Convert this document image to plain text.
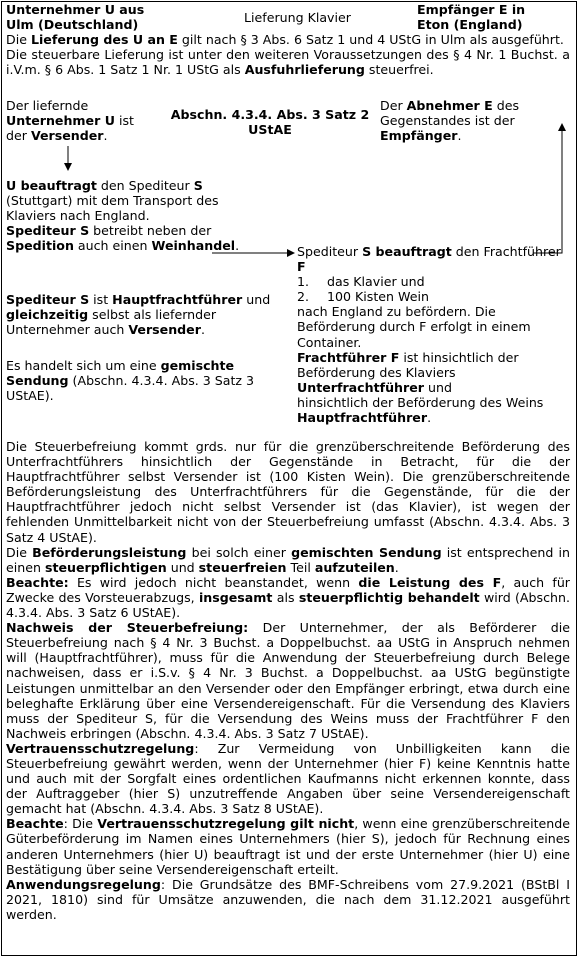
Unternehmer U aus Ulm (Deutschland)	Lieferung Klavier
Empfänger E in Eton (England)

Die Lieferung des U an E gilt nach § 3 Abs. 6 Satz 1 und 4 UStG in Ulm als ausgeführt.

Die steuerbare Lieferung ist unter den weiteren Voraussetzungen des § 4 Nr. 1 Buchst. a i.V.m. § 6 Abs. 1 Satz 1 Nr. 1 UStG als Ausfuhrlieferung steuerfrei.

Der liefernde Unternehmer U ist der Versender.
Abschn. 4.3.4. Abs. 3 Satz 2 UStAE
Der Abnehmer E des Gegenstandes ist der Empfänger.

U beauftragt den Spediteur S (Stuttgart) mit dem Transport des Klaviers nach England.

Spediteur S betreibt neben der Spedition auch einen Weinhandel.

Spediteur S ist Hauptfrachtführer und gleichzeitig selbst als liefernder Unternehmer auch Versender.
Es handelt sich um eine gemischte Sendung (Abschn. 4.3.4. Abs. 3 Satz 3 UStAE).

Spediteur S beauftragt den Frachtführer F

1. das Klavier und
2. 100 Kisten Wein

nach England zu befördern. Die Beförderung durch F erfolgt in einem Container.

Frachtführer F ist hinsichtlich der Beförderung des Klaviers Unterfrachtführer und

hinsichtlich der Beförderung des Weins Hauptfrachtführer.

Die Steuerbefreiung kommt grds. nur für die grenzüberschreitende Beförderung des Unterfrachtführers hinsichtlich der Gegenstände in Betracht, für die der Hauptfrachtführer selbst Versender ist (100 Kisten Wein). Die grenzüberschreitende Beförderungsleistung des Unterfrachtführers für die Gegenstände, für die der Hauptfrachtführer jedoch nicht selbst Versender ist (das Klavier), ist wegen der fehlenden Unmittelbarkeit nicht von der Steuerbefreiung umfasst (Abschn. 4.3.4. Abs. 3 Satz 4 UStAE).

Die Beförderungsleistung bei solch einer gemischten Sendung ist entsprechend in einen steuerpflichtigen und steuerfreien Teil aufzuteilen.

Beachte: Es wird jedoch nicht beanstandet, wenn die Leistung des F, auch für Zwecke des Vorsteuerabzugs, insgesamt als steuerpflichtig behandelt wird (Abschn. 4.3.4. Abs. 3 Satz 6 UStAE).

Nachweis der Steuerbefreiung: Der Unternehmer, der als Beförderer die Steuerbefreiung nach § 4 Nr. 3 Buchst. a Doppelbuchst. aa UStG in Anspruch nehmen will (Hauptfrachtführer), muss für die Anwendung der Steuerbefreiung durch Belege nachweisen, dass er i.S.v. § 4 Nr. 3 Buchst. a Doppelbuchst. aa UStG begünstigte Leistungen unmittelbar an den Versender oder den Empfänger erbringt, etwa durch eine beleghafte Erklärung über eine Versendereigenschaft. Für die Versendung des Klaviers muss der Spediteur S, für die Versendung des Weins muss der Frachtführer F den Nachweis erbringen (Abschn. 4.3.4. Abs. 3 Satz 7 UStAE).

Vertrauensschutzregelung: Zur Vermeidung von Unbilligkeiten kann die Steuerbefreiung gewährt werden, wenn der Unternehmer (hier F) keine Kenntnis hatte und auch mit der Sorgfalt eines ordentlichen Kaufmanns nicht erkennen konnte, dass der Auftraggeber (hier S) unzutreffende Angaben über seine Versendereigenschaft gemacht hat (Abschn. 4.3.4. Abs. 3 Satz 8 UStAE).

Beachte: Die Vertrauensschutzregelung gilt nicht, wenn eine grenzüberschreitende Güterbeförderung im Namen eines Unternehmers (hier S), jedoch für Rechnung eines anderen Unternehmers (hier U) beauftragt ist und der erste Unternehmer (hier U) eine Bestätigung über seine Versendereigenschaft erteilt.

Anwendungsregelung: Die Grundsätze des BMF-Schreibens vom 27.9.2021 (BStBl I 2021, 1810) sind für Umsätze anzuwenden, die nach dem 31.12.2021 ausgeführt werden.
